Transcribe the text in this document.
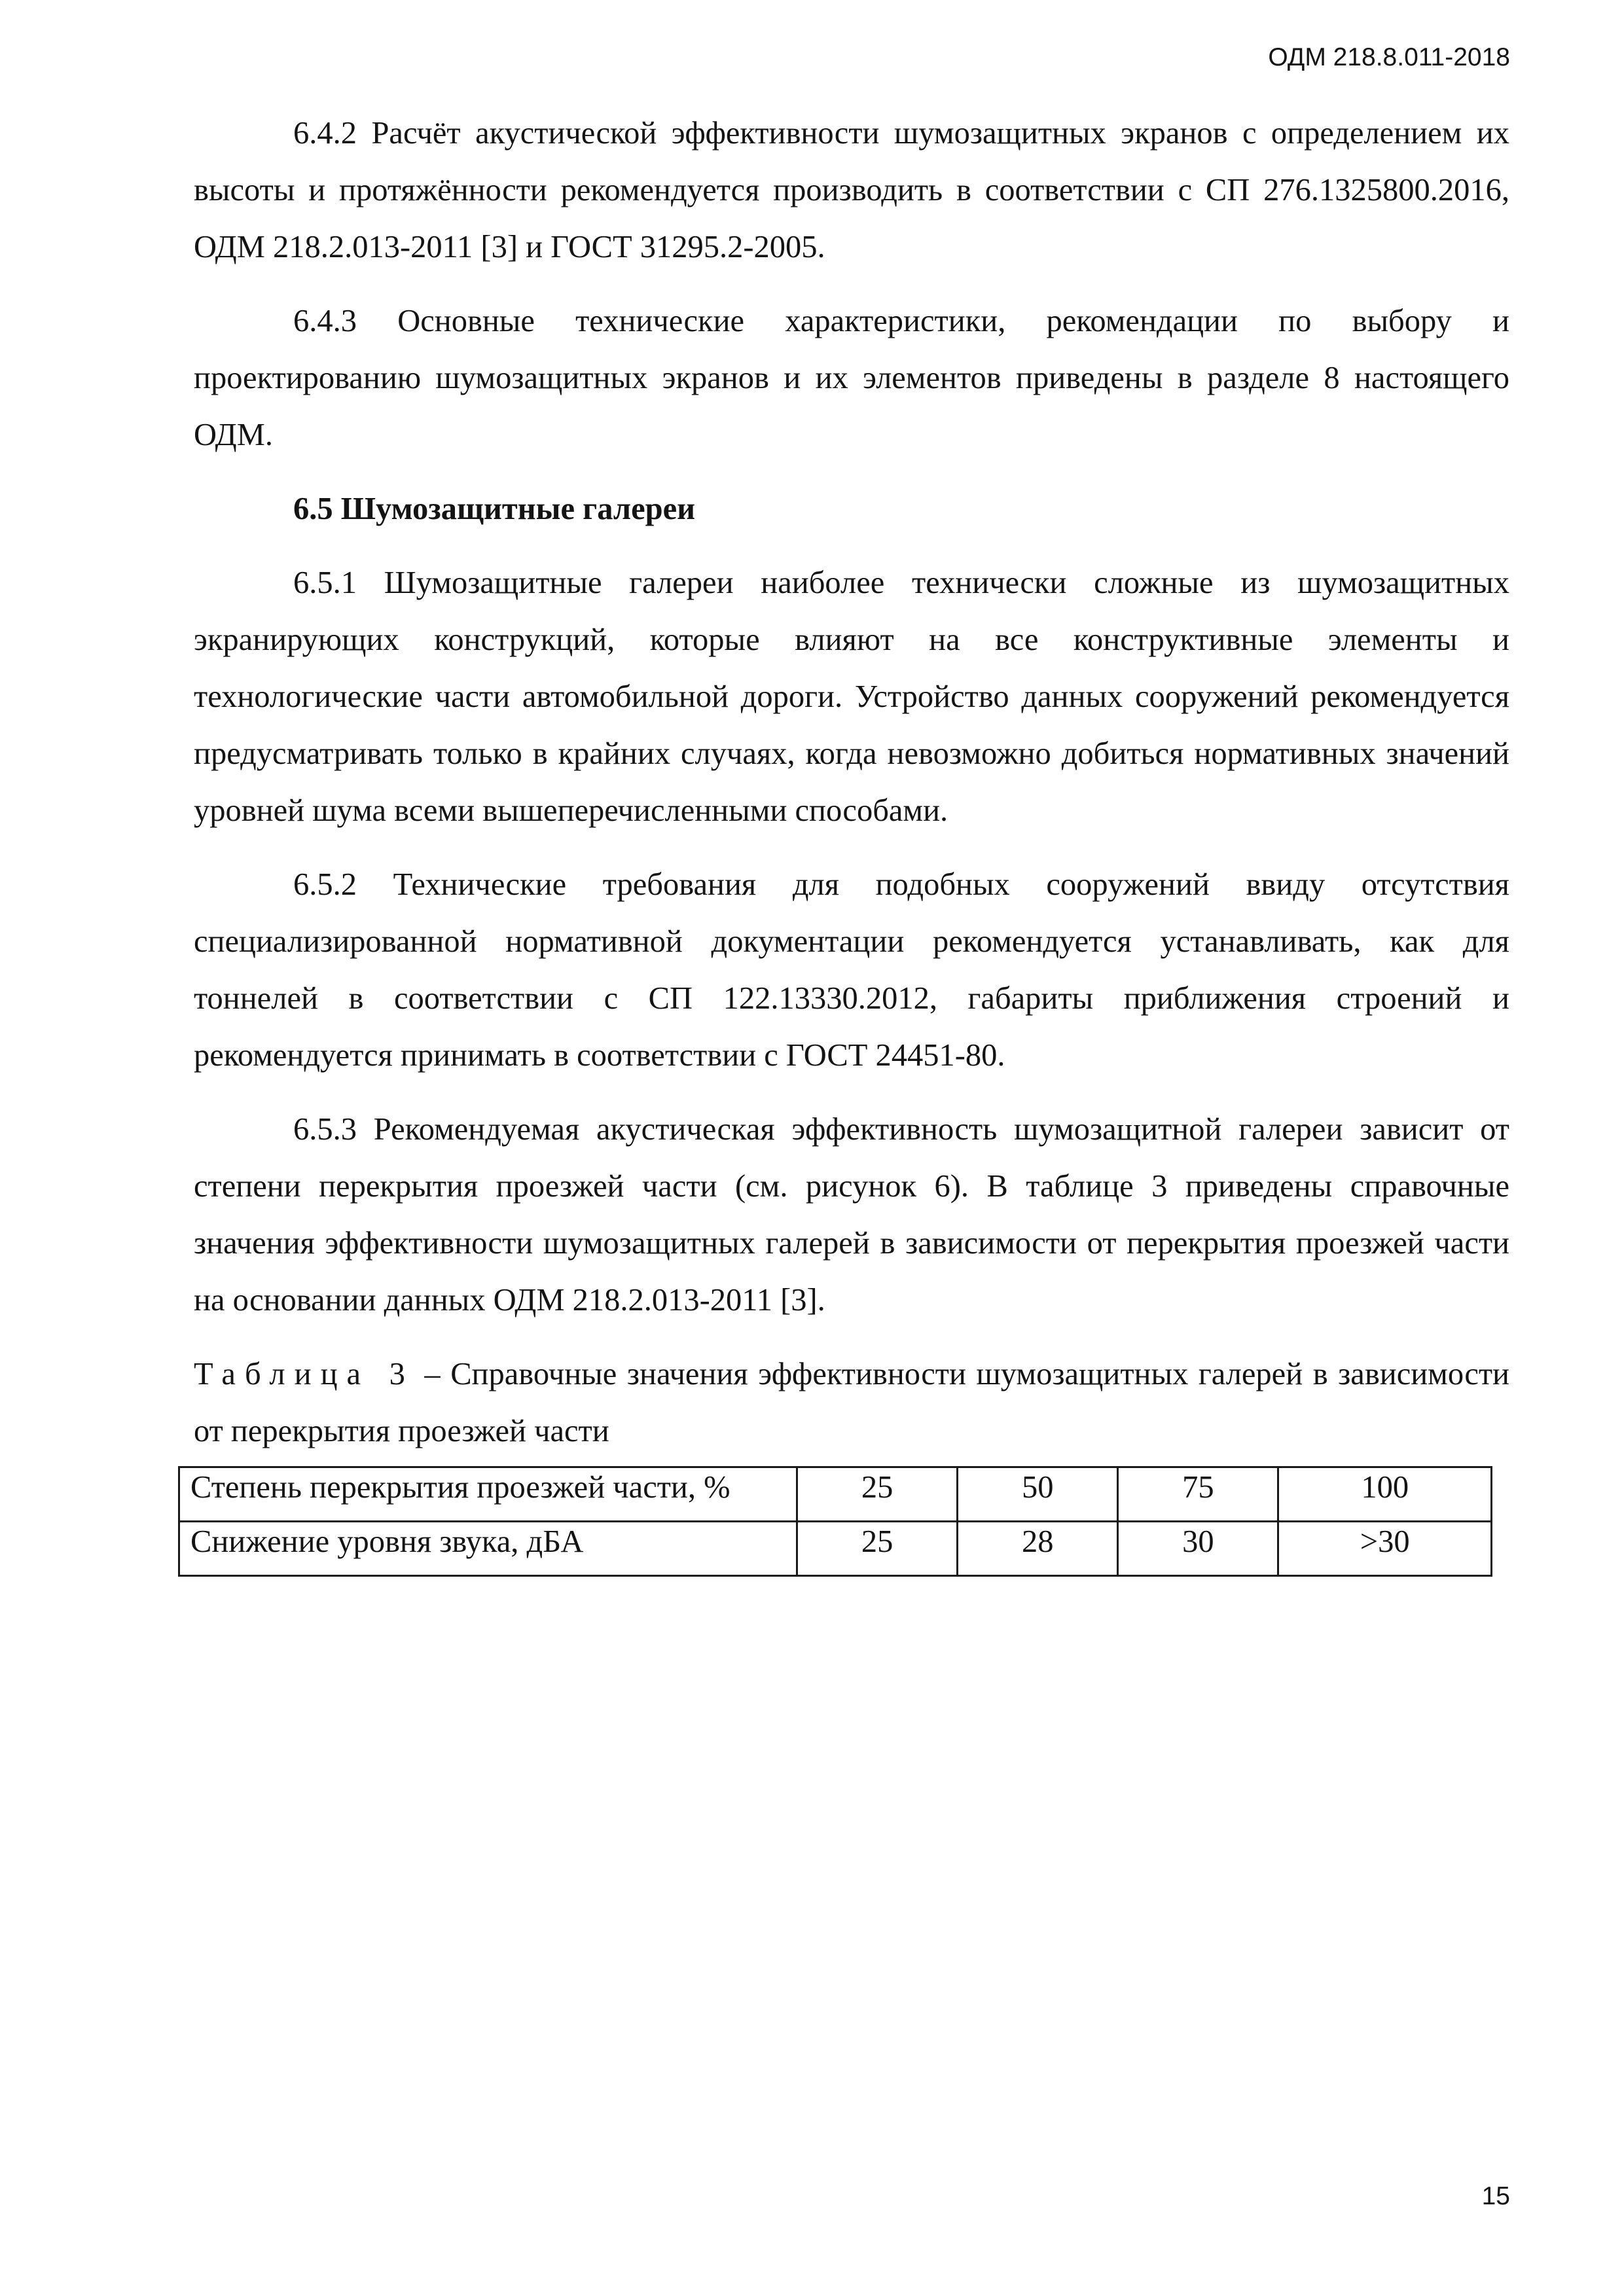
ОДМ 218.8.011-2018

6.4.2 Расчёт акустической эффективности шумозащитных экранов с определением их высоты и протяжённости рекомендуется производить в соответствии с СП 276.1325800.2016, ОДМ 218.2.013-2011 [3] и ГОСТ 31295.2-2005.

6.4.3 Основные технические характеристики, рекомендации по выбору и проектированию шумозащитных экранов и их элементов приведены в разделе 8 настоящего ОДМ.

6.5 Шумозащитные галереи

6.5.1 Шумозащитные галереи наиболее технически сложные из шумозащитных экранирующих конструкций, которые влияют на все конструктивные элементы и технологические части автомобильной дороги. Устройство данных сооружений рекомендуется предусматривать только в крайних случаях, когда невозможно добиться нормативных значений уровней шума всеми вышеперечисленными способами.

6.5.2 Технические требования для подобных сооружений ввиду отсутствия специализированной нормативной документации рекомендуется устанавливать, как для тоннелей в соответствии с СП 122.13330.2012, габариты приближения строений и рекомендуется принимать в соответствии с ГОСТ 24451-80.

6.5.3 Рекомендуемая акустическая эффективность шумозащитной галереи зависит от степени перекрытия проезжей части (см. рисунок 6). В таблице 3 приведены справочные значения эффективности шумозащитных галерей в зависимости от перекрытия проезжей части на основании данных ОДМ 218.2.013-2011 [3].

Таблица 3 – Справочные значения эффективности шумозащитных галерей в зависимости от перекрытия проезжей части

Степень перекрытия проезжей части, %	25	50	75	100
Снижение уровня звука, дБА	25	28	30	>30
15
